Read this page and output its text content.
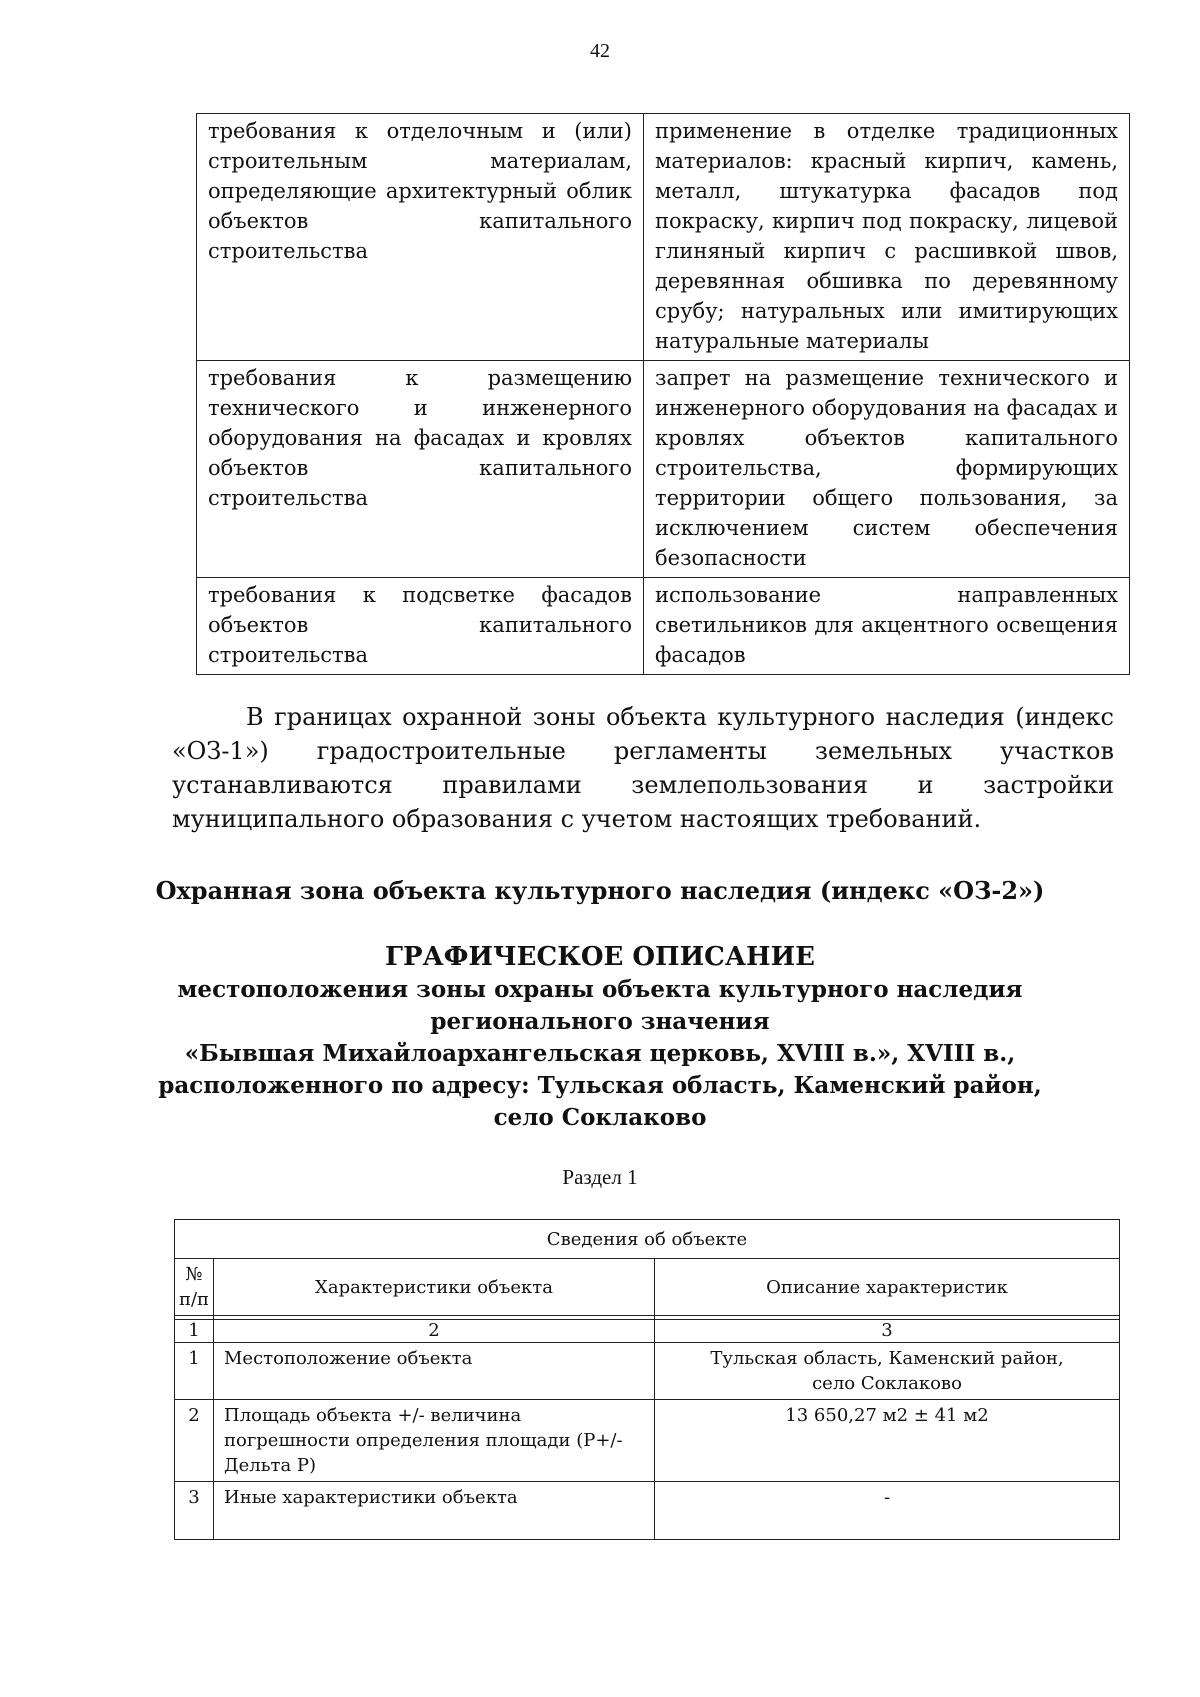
42
требования к отделочным и (или) строительным материалам, определяющие архитектурный облик объектов капитального строительства	применение в отделке традиционных материалов: красный кирпич, камень, металл, штукатурка фасадов под покраску, кирпич под покраску, лицевой глиняный кирпич с расшивкой швов, деревянная обшивка по деревянному срубу; натуральных или имитирующих натуральные материалы
требования к размещению технического и инженерного оборудования на фасадах и кровлях объектов капитального строительства	запрет на размещение технического и инженерного оборудования на фасадах и кровлях объектов капитального строительства, формирующих территории общего пользования, за исключением систем обеспечения безопасности
требования к подсветке фасадов объектов капитального строительства	использование направленных светильников для акцентного освещения фасадов

В границах охранной зоны объекта культурного наследия (индекс «ОЗ-1») градостроительные регламенты земельных участков устанавливаются правилами землепользования и застройки муниципального образования с учетом настоящих требований.

Охранная зона объекта культурного наследия (индекс «ОЗ-2»)
ГРАФИЧЕСКОЕ ОПИСАНИЕ
местоположения зоны охраны объекта культурного наследия
регионального значения
«Бывшая Михайлоархангельская церковь, XVIII в.», XVIII в.,
расположенного по адресу: Тульская область, Каменский район,
село Соклаково
Раздел 1
Сведения об объекте		

№
п/п	Характеристики объекта	Описание характеристик

1	2	3
1	Местоположение объекта	Тульская область, Каменский район,
село Соклаково

2	Площадь объекта +/- величина погрешности определения площади (P+/- Дельта P)	13 650,27 м2 ± 41 м2

3	Иные характеристики объекта	-
